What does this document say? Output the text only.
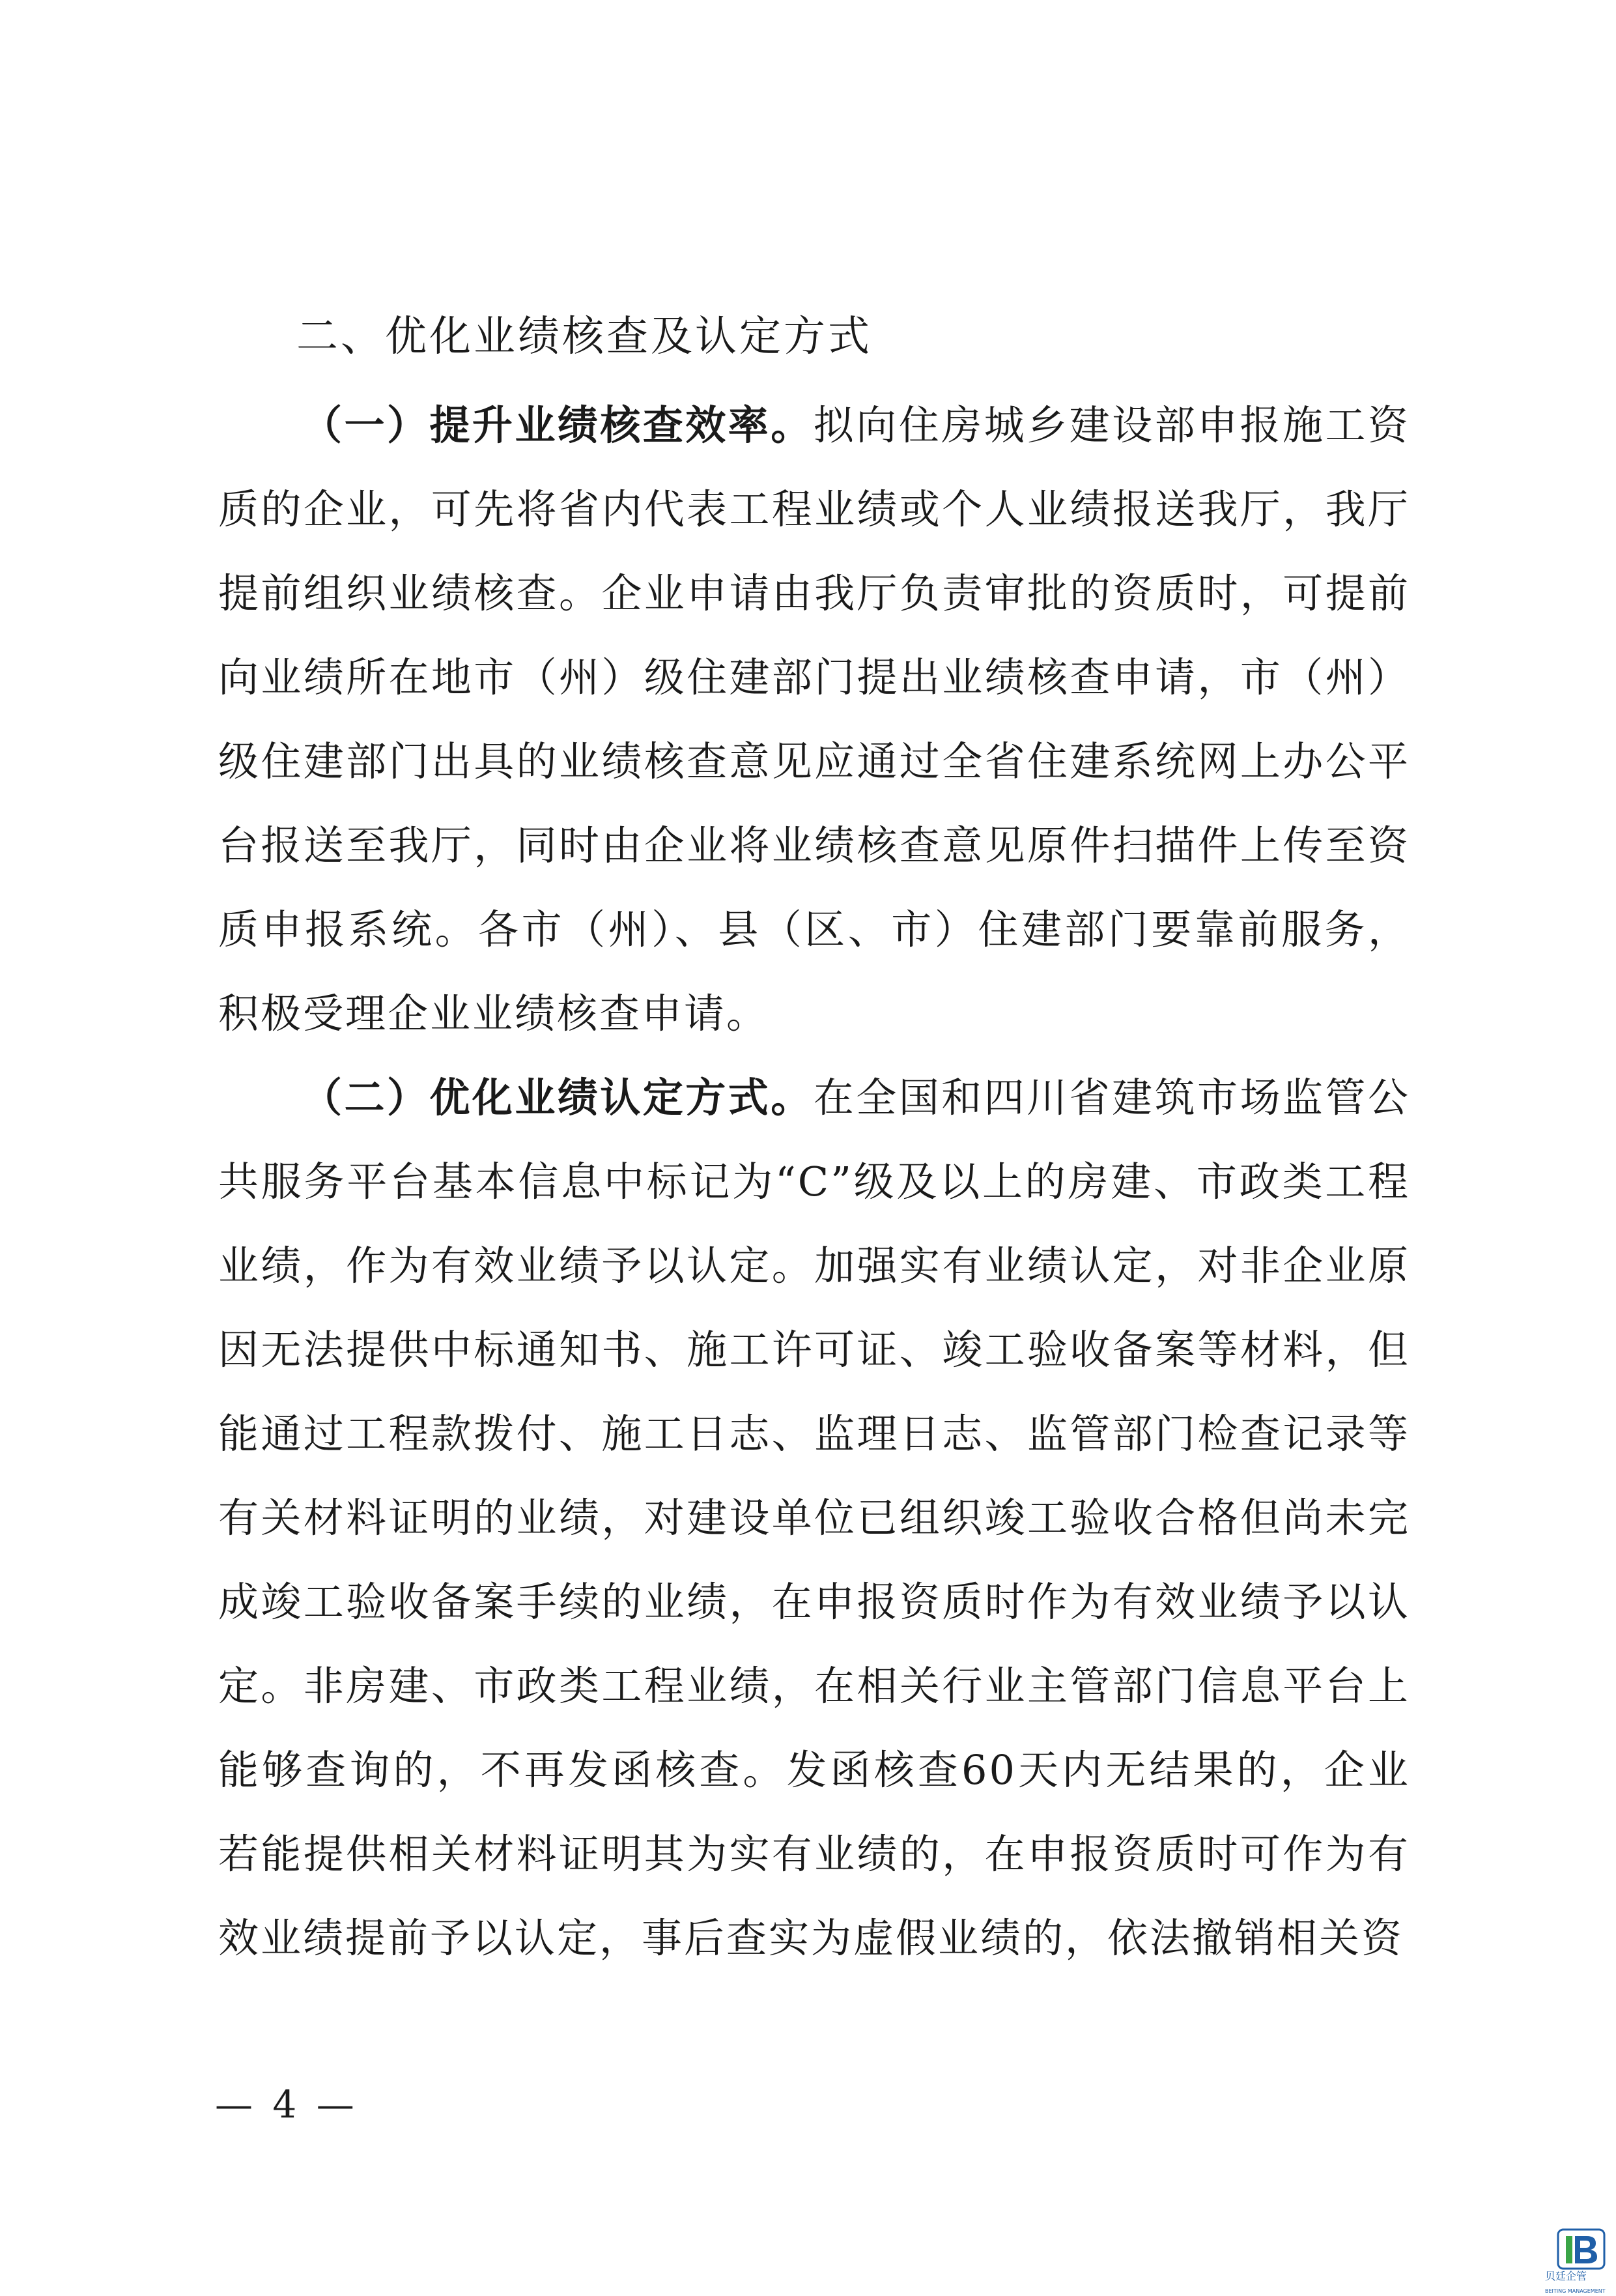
二、优化业绩核查及认定方式

（一）提升业绩核查效率。拟向住房城乡建设部申报施工资质的企业，可先将省内代表工程业绩或个人业绩报送我厅，我厅提前组织业绩核查。企业申请由我厅负责审批的资质时，可提前向业绩所在地市（州）级住建部门提出业绩核查申请，市（州）级住建部门出具的业绩核查意见应通过全省住建系统网上办公平台报送至我厅，同时由企业将业绩核查意见原件扫描件上传至资质申报系统。各市（州）、县（区、市）住建部门要靠前服务，积极受理企业业绩核查申请。

（二）优化业绩认定方式。在全国和四川省建筑市场监管公共服务平台基本信息中标记为“C”级及以上的房建、市政类工程业绩，作为有效业绩予以认定。加强实有业绩认定，对非企业原因无法提供中标通知书、施工许可证、竣工验收备案等材料，但能通过工程款拨付、施工日志、监理日志、监管部门检查记录等有关材料证明的业绩，对建设单位已组织竣工验收合格但尚未完成竣工验收备案手续的业绩，在申报资质时作为有效业绩予以认定。非房建、市政类工程业绩，在相关行业主管部门信息平台上能够查询的，不再发函核查。发函核查60天内无结果的，企业若能提供相关材料证明其为实有业绩的，在申报资质时可作为有效业绩提前予以认定，事后查实为虚假业绩的，依法撤销相关资

— 4 —
贝廷企管
BEITING MANAGEMENT
